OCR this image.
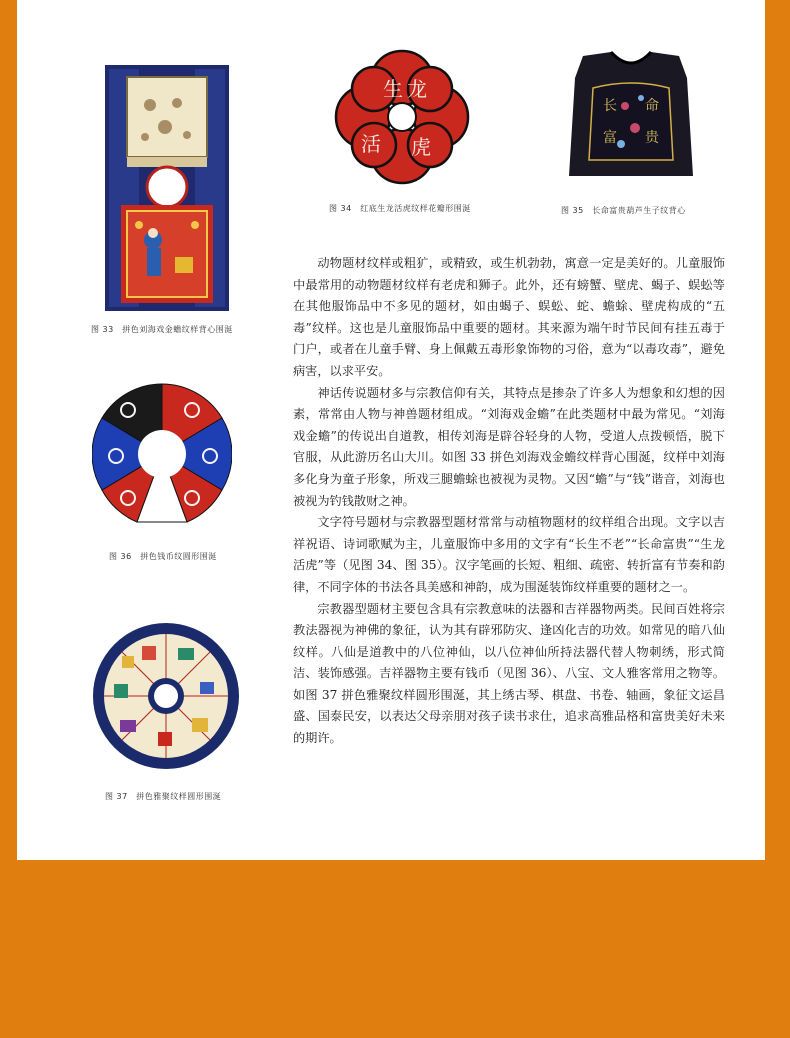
图 33　拼色刘海戏金蟾纹样背心围涎
生 龙
活 虎
图 34　红底生龙活虎纹样花瓣形围涎
长 命
富 贵
图 35　长命富贵葫芦生子纹背心
图 36　拼色钱币纹圆形围涎
图 37　拼色雅聚纹样圆形围涎

动物题材纹样或粗犷，或精致，或生机勃勃，寓意一定是美好的。儿童服饰中最常用的动物题材纹样有老虎和狮子。此外，还有螃蟹、壁虎、蝎子、蜈蚣等在其他服饰品中不多见的题材，如由蝎子、蜈蚣、蛇、蟾蜍、壁虎构成的“五毒”纹样。这也是儿童服饰品中重要的题材。其来源为端午时节民间有挂五毒于门户，或者在儿童手臂、身上佩戴五毒形象饰物的习俗，意为“以毒攻毒”，避免病害，以求平安。

神话传说题材多与宗教信仰有关，其特点是掺杂了许多人为想象和幻想的因素，常常由人物与神兽题材组成。“刘海戏金蟾”在此类题材中最为常见。“刘海戏金蟾”的传说出自道教，相传刘海是辟谷轻身的人物，受道人点拨顿悟，脱下官服，从此游历名山大川。如图 33 拼色刘海戏金蟾纹样背心围涎，纹样中刘海多化身为童子形象，所戏三腿蟾蜍也被视为灵物。又因“蟾”与“钱”谐音，刘海也被视为钓钱散财之神。

文字符号题材与宗教器型题材常常与动植物题材的纹样组合出现。文字以吉祥祝语、诗词歌赋为主，儿童服饰中多用的文字有“长生不老”“长命富贵”“生龙活虎”等（见图 34、图 35）。汉字笔画的长短、粗细、疏密、转折富有节奏和韵律，不同字体的书法各具美感和神韵，成为围涎装饰纹样重要的题材之一。

宗教器型题材主要包含具有宗教意味的法器和吉祥器物两类。民间百姓将宗教法器视为神佛的象征，认为其有辟邪防灾、逢凶化吉的功效。如常见的暗八仙纹样。八仙是道教中的八位神仙，以八位神仙所持法器代替人物刺绣，形式简洁、装饰感强。吉祥器物主要有钱币（见图 36）、八宝、文人雅客常用之物等。如图 37 拼色雅聚纹样圆形围涎，其上绣古琴、棋盘、书卷、轴画，象征文运昌盛、国泰民安，以表达父母亲朋对孩子读书求仕，追求高雅品格和富贵美好未来的期许。
